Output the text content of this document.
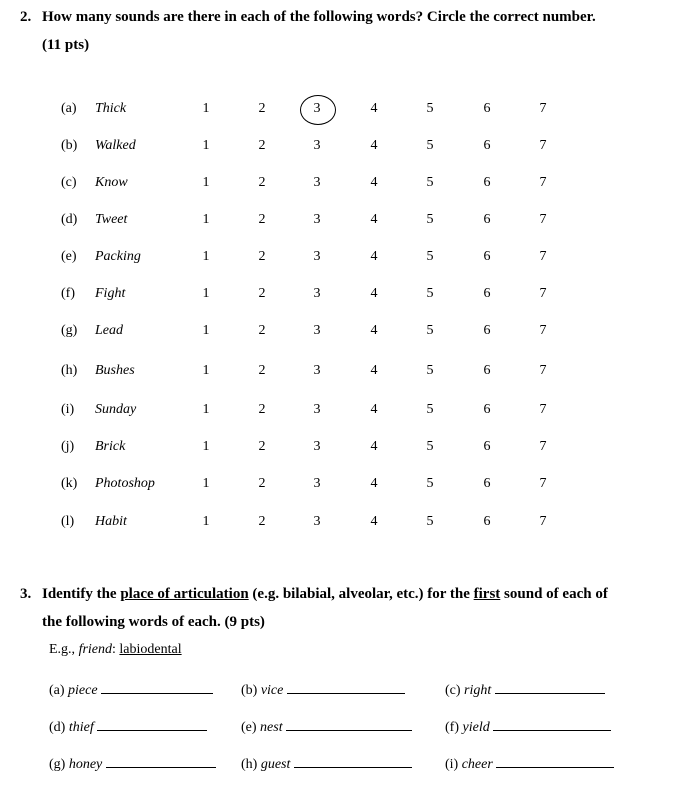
2. How many sounds are there in each of the following words? Circle the correct number.
(11 pts)
(a) Thick	1	2	3	4	5	6	7
(b) Walked	1	2	3	4	5	6	7
(c) Know	1	2	3	4	5	6	7
(d) Tweet	1	2	3	4	5	6	7
(e) Packing	1	2	3	4	5	6	7
(f) Fight	1	2	3	4	5	6	7
(g) Lead	1	2	3	4	5	6	7
(h) Bushes	1	2	3	4	5	6	7
(i) Sunday	1	2	3	4	5	6	7
(j) Brick	1	2	3	4	5	6	7
(k) Photoshop	1	2	3	4	5	6	7
(l) Habit	1	2	3	4	5	6	7
3. Identify the place of articulation (e.g. bilabial, alveolar, etc.) for the first sound of each of
the following words of each. (9 pts)
E.g., friend: labiodental
(a) piece	(b) vice	(c) right
(d) thief	(e) nest	(f) yield
(g) honey	(h) guest	(i) cheer
